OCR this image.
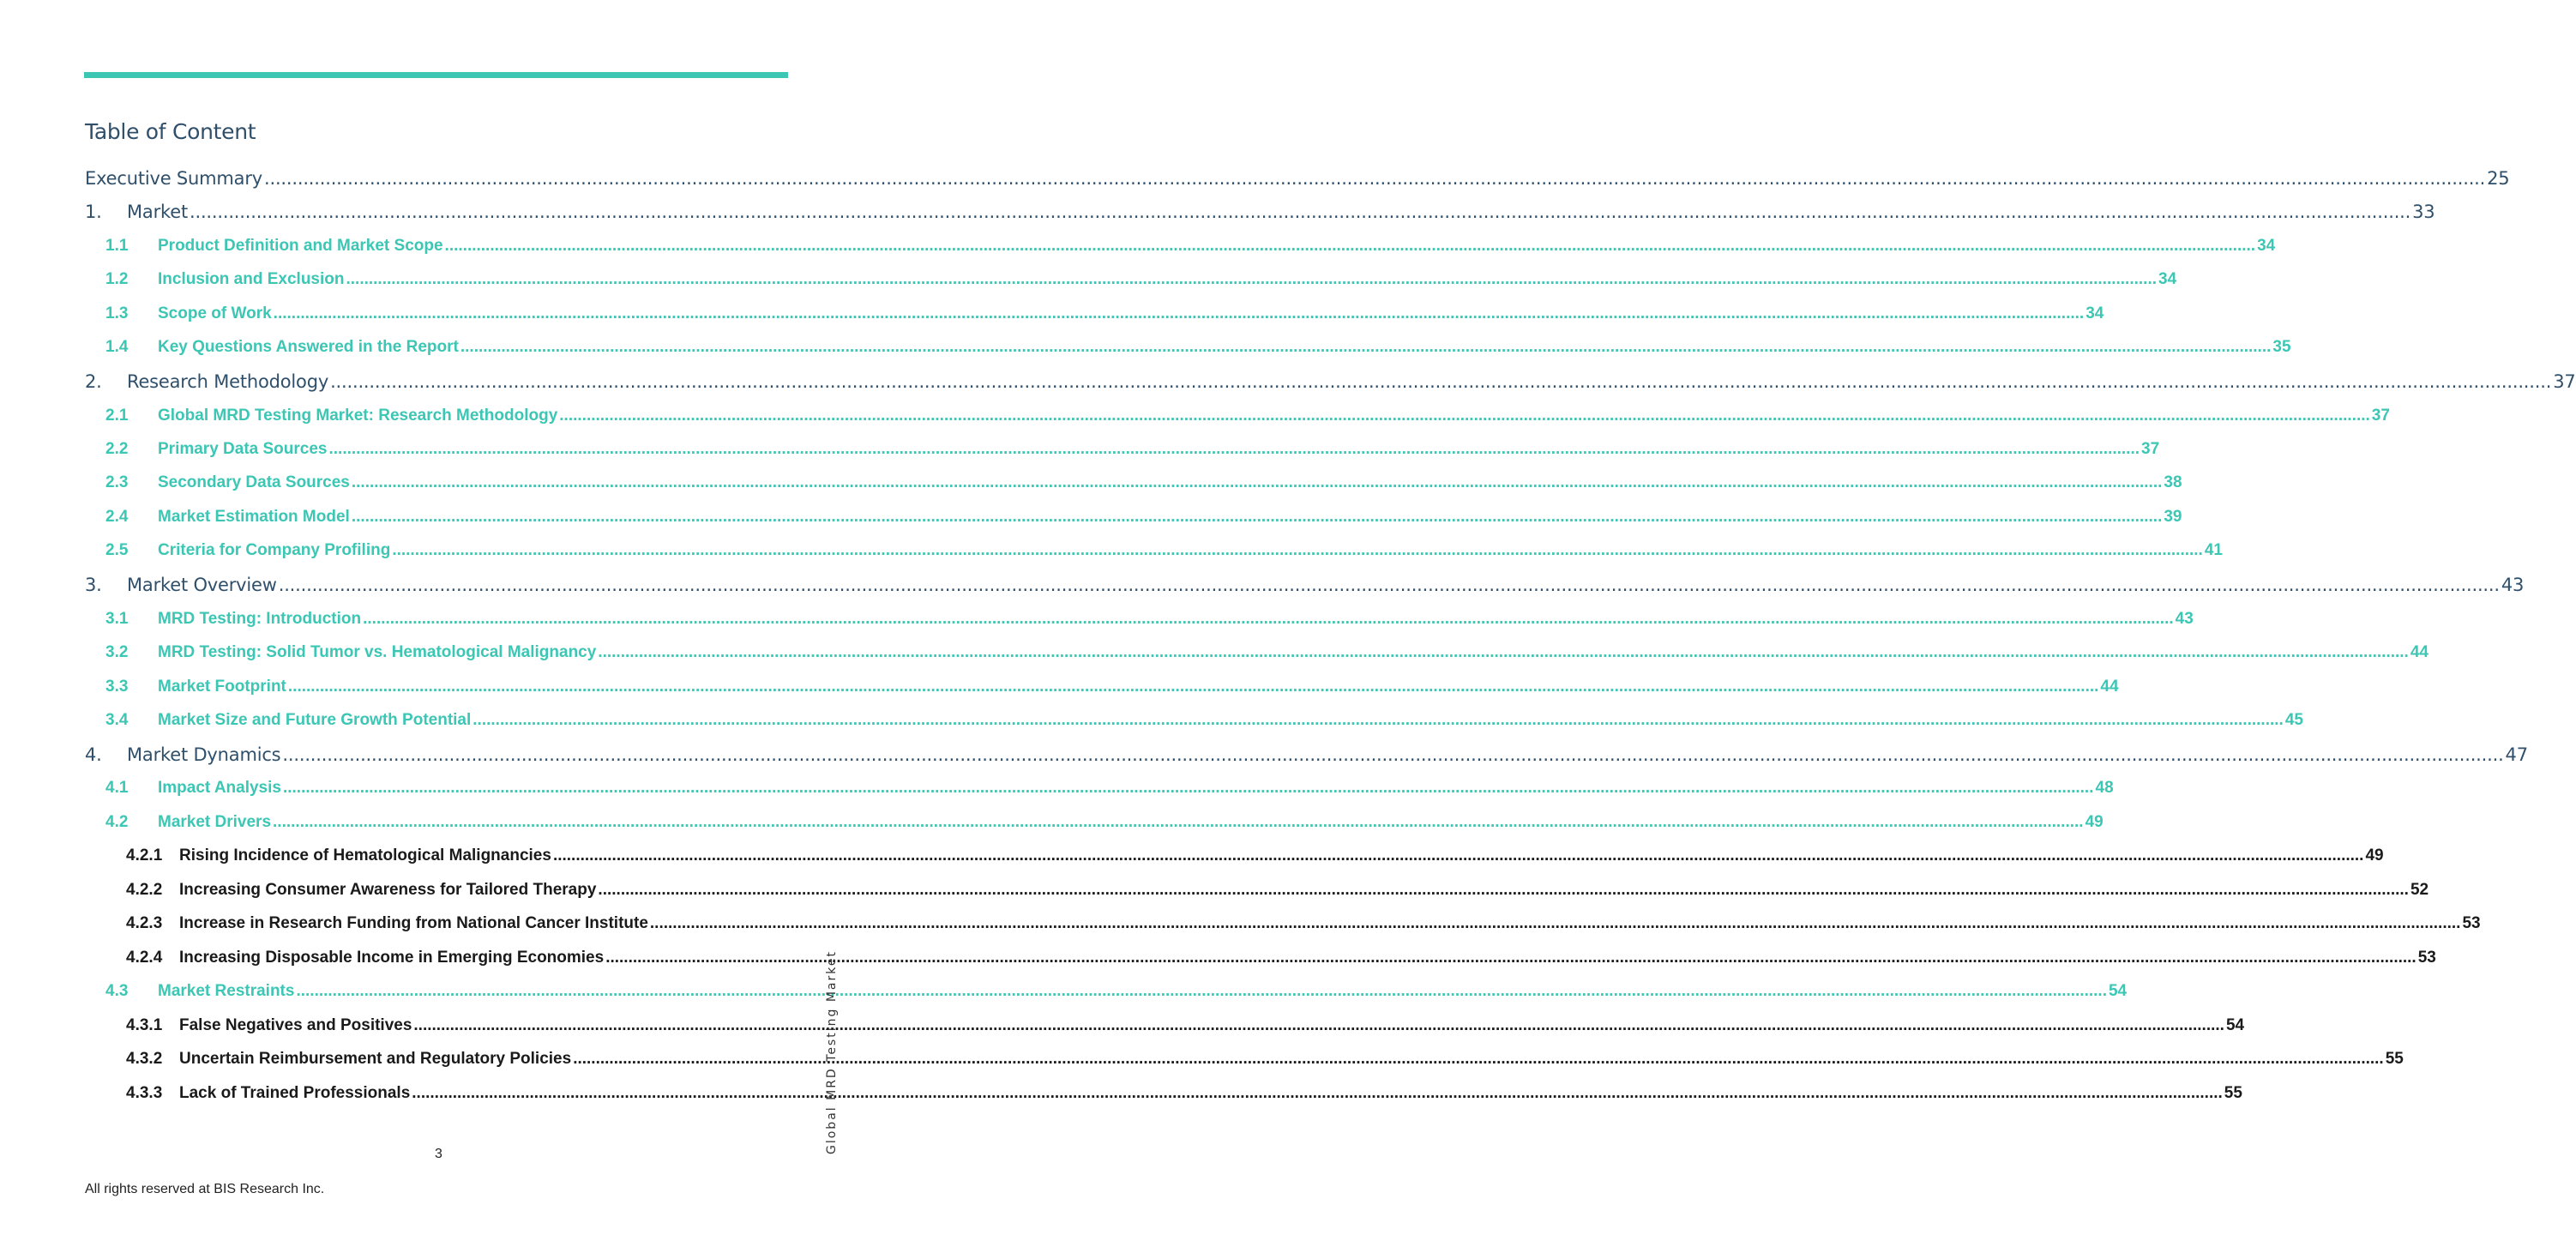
Table of Content
Executive Summary ................................................................................................................................................................................................................................................................................................................................................................................................................ 25
1.	Market ................................................................................................................................................................................................................................................................................................................................................................................................................ 33
1.1	Product Definition and Market Scope ................................................................................................................................................................................................................................................................................................................................................................................................................ 34
1.2	Inclusion and Exclusion ................................................................................................................................................................................................................................................................................................................................................................................................................ 34
1.3	Scope of Work ................................................................................................................................................................................................................................................................................................................................................................................................................ 34
1.4	Key Questions Answered in the Report ................................................................................................................................................................................................................................................................................................................................................................................................................ 35
2.	Research Methodology ................................................................................................................................................................................................................................................................................................................................................................................................................ 37
2.1	Global MRD Testing Market: Research Methodology ................................................................................................................................................................................................................................................................................................................................................................................................................ 37
2.2	Primary Data Sources ................................................................................................................................................................................................................................................................................................................................................................................................................ 37
2.3	Secondary Data Sources ................................................................................................................................................................................................................................................................................................................................................................................................................ 38
2.4	Market Estimation Model ................................................................................................................................................................................................................................................................................................................................................................................................................ 39
2.5	Criteria for Company Profiling ................................................................................................................................................................................................................................................................................................................................................................................................................ 41
3.	Market Overview ................................................................................................................................................................................................................................................................................................................................................................................................................ 43
3.1	MRD Testing: Introduction ................................................................................................................................................................................................................................................................................................................................................................................................................ 43
3.2	MRD Testing: Solid Tumor vs. Hematological Malignancy ................................................................................................................................................................................................................................................................................................................................................................................................................ 44
3.3	Market Footprint ................................................................................................................................................................................................................................................................................................................................................................................................................ 44
3.4	Market Size and Future Growth Potential ................................................................................................................................................................................................................................................................................................................................................................................................................ 45
4.	Market Dynamics ................................................................................................................................................................................................................................................................................................................................................................................................................ 47
4.1	Impact Analysis ................................................................................................................................................................................................................................................................................................................................................................................................................ 48
4.2	Market Drivers ................................................................................................................................................................................................................................................................................................................................................................................................................ 49
4.2.1	Rising Incidence of Hematological Malignancies ................................................................................................................................................................................................................................................................................................................................................................................................................ 49
4.2.2	Increasing Consumer Awareness for Tailored Therapy ................................................................................................................................................................................................................................................................................................................................................................................................................ 52
4.2.3	Increase in Research Funding from National Cancer Institute ................................................................................................................................................................................................................................................................................................................................................................................................................ 53
4.2.4	Increasing Disposable Income in Emerging Economies ................................................................................................................................................................................................................................................................................................................................................................................................................ 53
4.3	Market Restraints ................................................................................................................................................................................................................................................................................................................................................................................................................ 54
4.3.1	False Negatives and Positives ................................................................................................................................................................................................................................................................................................................................................................................................................ 54
4.3.2	Uncertain Reimbursement and Regulatory Policies ................................................................................................................................................................................................................................................................................................................................................................................................................ 55
4.3.3	Lack of Trained Professionals ................................................................................................................................................................................................................................................................................................................................................................................................................ 55
Global MRD Testing Market
3
All rights reserved at BIS Research Inc.
